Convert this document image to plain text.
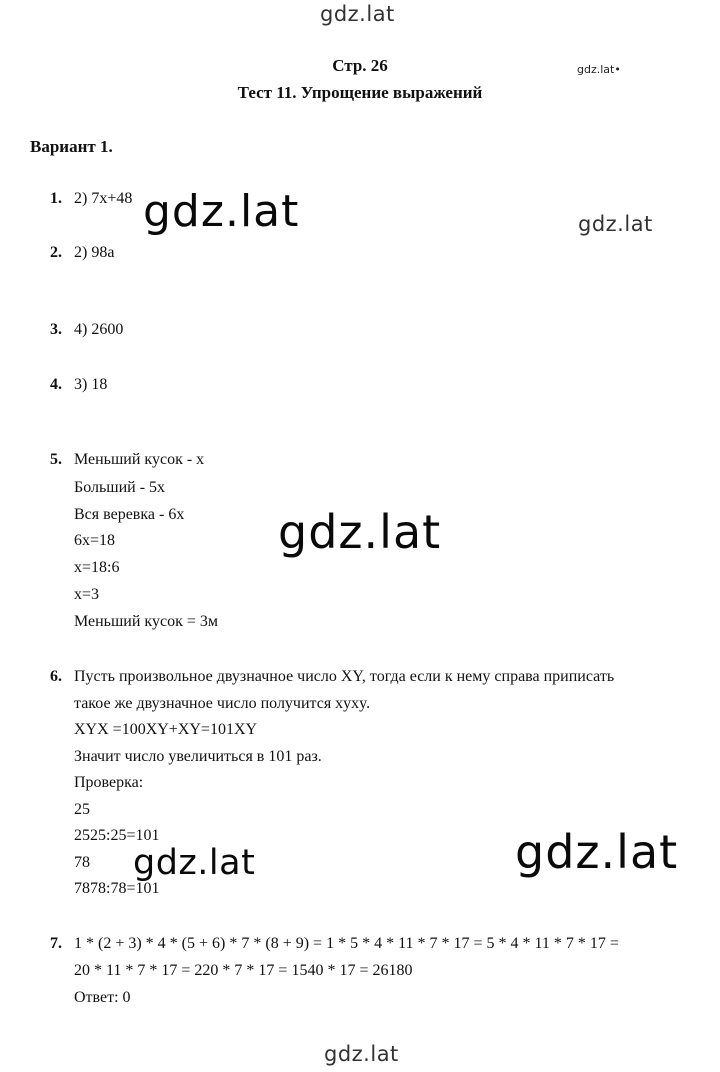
gdz.lat
gdz.lat•
Стр. 26
Тест 11. Упрощение выражений
Вариант 1.
1. 2) 7x+48 gdz.lat	gdz.lat
2. 2) 98a
3. 4) 2600
4. 3) 18
5. Меньший кусок - x
Больший - 5x
Вся веревка - 6x
6x=18
x=18:6
x=3
Меньший кусок = 3м
gdz.lat
6. Пусть произвольное двузначное число XY, тогда если к нему справа приписать
такое же двузначное число получится xyxy.
XYX =100XY+XY=101XY
Значит число увеличиться в 101 раз.
Проверка:
25
2525:25=101
78
7878:78=101
gdz.lat	gdz.lat
7. 1 * (2 + 3) * 4 * (5 + 6) * 7 * (8 + 9) = 1 * 5 * 4 * 11 * 7 * 17 = 5 * 4 * 11 * 7 * 17 =
20 * 11 * 7 * 17 = 220 * 7 * 17 = 1540 * 17 = 26180
Ответ: 0
gdz.lat
